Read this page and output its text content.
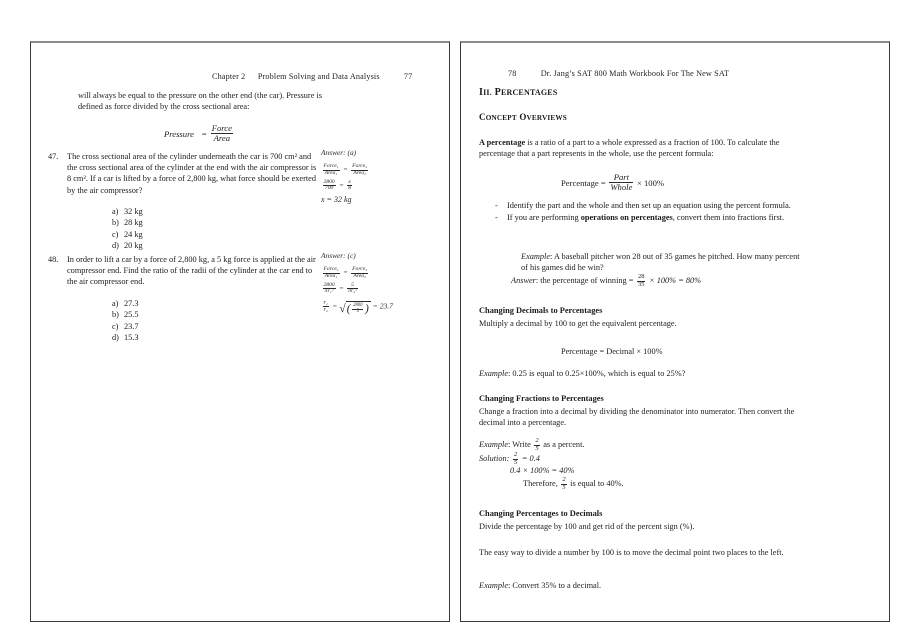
Chapter 2 Problem Solving and Data Analysis	77
will always be equal to the pressure on the other end (the car). Pressure is defined as force divided by the cross sectional area:
Pressure = $\frac{\text{Force}}{\text{Area}}$
47. The cross sectional area of the cylinder underneath the car is 700 cm² and the cross sectional area of the cylinder at the end with the air compressor is 8 cm². If a car is lifted by a force of 2,800 kg, what force should be exerted by the air compressor?
a) 32 kg
b) 28 kg
c) 24 kg
d) 20 kg
Answer: (a)
$\frac{\text{Force₁}}{\text{Area₁}} = \frac{\text{Force₂}}{\text{Area₂}}$
$\frac{2800}{700} = \frac{x}{8}$
x = 32 kg
48. In order to lift a car by a force of 2,800 kg, a 5 kg force is applied at the air compressor end. Find the ratio of the radii of the cylinder at the car end to the air compressor end.
a) 27.3
b) 25.5
c) 23.7
d) 15.3
Answer: (c)
$\frac{\text{Force₁}}{\text{Area₁}} = \frac{\text{Force₂}}{\text{Area₂}}$
$\frac{2800}{\text{πr₁²}} = \frac{5}{\text{πr₂²}}$
$\frac{\text{r₁}}{\text{r₂}}$ = √( $\frac{2800}{5}$ ) = 23.7
78	Dr. Jang’s SAT 800 Math Workbook For The New SAT
III. PERCENTAGES
CONCEPT OVERVIEWS
A percentage is a ratio of a part to a whole expressed as a fraction of 100. To calculate the percentage that a part represents in the whole, use the percent formula:
Percentage = $\frac{\text{Part}}{\text{Whole}} \times 100\%$
- Identify the part and the whole and then set up an equation using the percent formula.
- If you are performing operations on percentages, convert them into fractions first.
Example: A baseball pitcher won 28 out of 35 games he pitched. How many percent of his games did he win?
Answer: the percentage of winning = $\frac{28}{35} \times 100\% = 80\%$
Changing Decimals to Percentages
Multiply a decimal by 100 to get the equivalent percentage.
Percentage = Decimal × 100%
Example: 0.25 is equal to 0.25×100%, which is equal to 25%?
Changing Fractions to Percentages
Change a fraction into a decimal by dividing the denominator into numerator. Then convert the decimal into a percentage.
Example: Write $\frac{2}{5}$ as a percent.
Solution: $\frac{2}{5} = 0.4$
0.4 × 100% = 40%
Therefore, $\frac{2}{5}$ is equal to 40%.
Changing Percentages to Decimals
Divide the percentage by 100 and get rid of the percent sign (%).
The easy way to divide a number by 100 is to move the decimal point two places to the left.
Example: Convert 35% to a decimal.
